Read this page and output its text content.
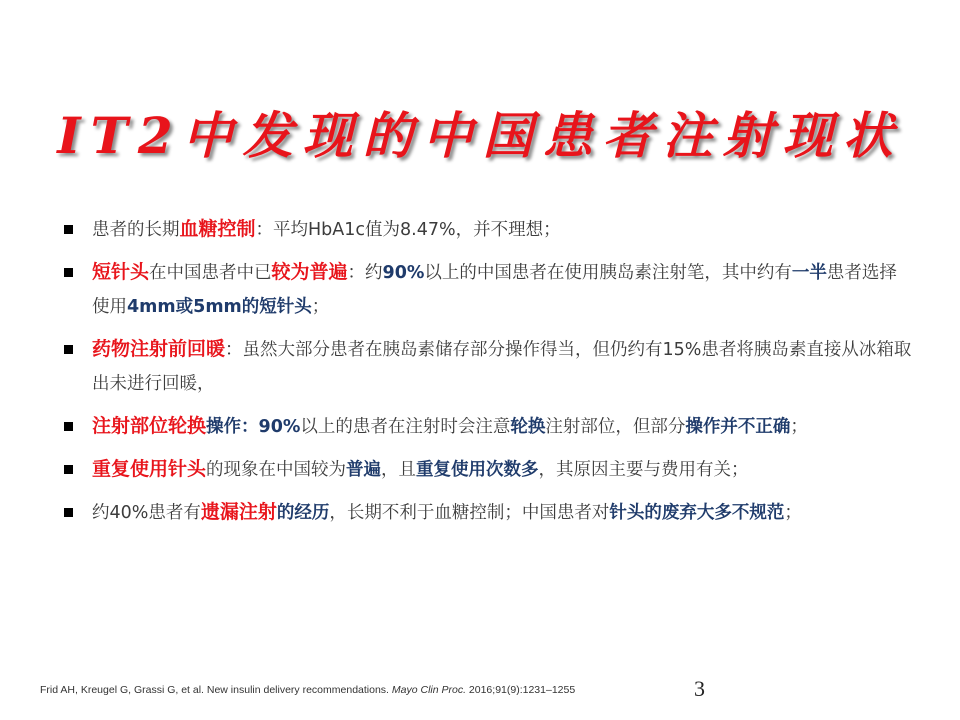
IT2中发现的中国患者注射现状
患者的长期血糖控制：平均HbA1c值为8.47%，并不理想；
短针头在中国患者中已较为普遍：约90%以上的中国患者在使用胰岛素注射笔，其中约有一半患者选择使用4mm或5mm的短针头；
药物注射前回暖：虽然大部分患者在胰岛素储存部分操作得当，但仍约有15%患者将胰岛素直接从冰箱取出未进行回暖，
注射部位轮换操作：90%以上的患者在注射时会注意轮换注射部位，但部分操作并不正确；
重复使用针头的现象在中国较为普遍，且重复使用次数多，其原因主要与费用有关；
约40%患者有遗漏注射的经历，长期不利于血糖控制；中国患者对针头的废弃大多不规范；
Frid AH, Kreugel G, Grassi G, et al. New insulin delivery recommendations. Mayo Clin Proc. 2016;91(9):1231–1255	3
